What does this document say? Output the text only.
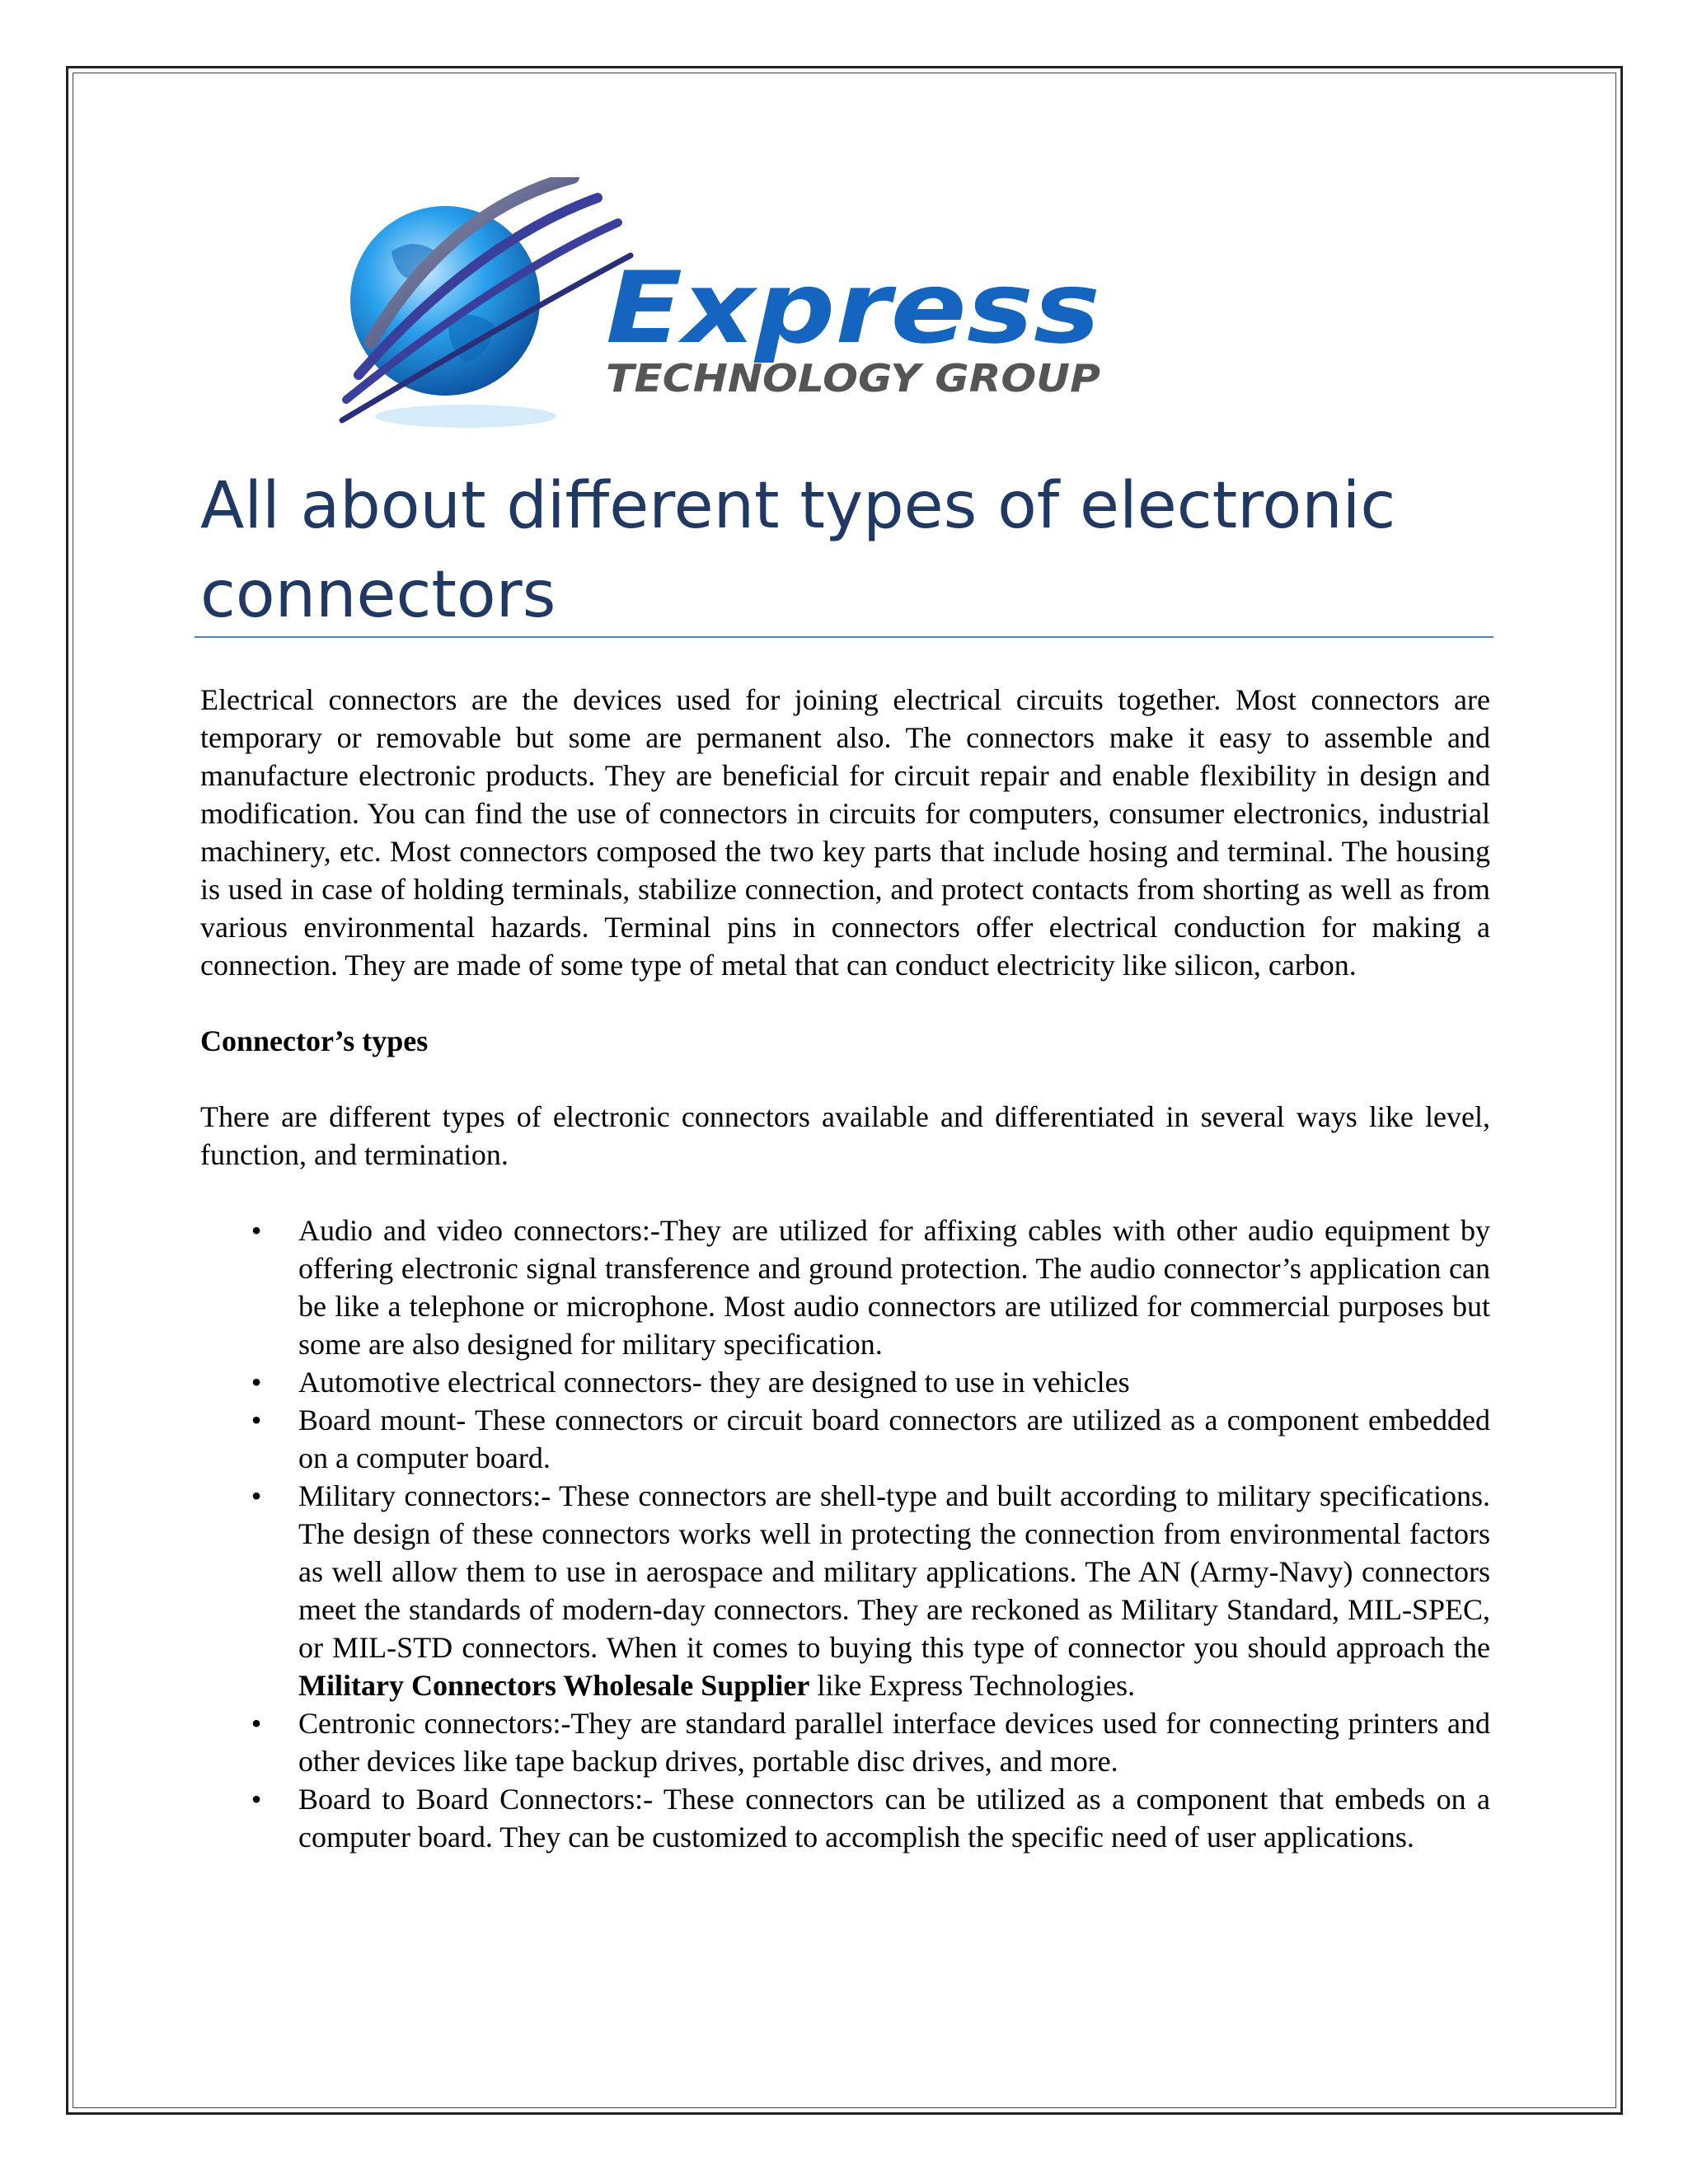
Express
TECHNOLOGY GROUP
All about different types of electronic connectors

Electrical connectors are the devices used for joining electrical circuits together. Most connectors are temporary or removable but some are permanent also. The connectors make it easy to assemble and manufacture electronic products. They are beneficial for circuit repair and enable flexibility in design and modification. You can find the use of connectors in circuits for computers, consumer electronics, industrial machinery, etc. Most connectors composed the two key parts that include hosing and terminal. The housing is used in case of holding terminals, stabilize connection, and protect contacts from shorting as well as from various environmental hazards. Terminal pins in connectors offer electrical conduction for making a connection. They are made of some type of metal that can conduct electricity like silicon, carbon.

Connector’s types

There are different types of electronic connectors available and differentiated in several ways like level, function, and termination.

• Audio and video connectors:-They are utilized for affixing cables with other audio equipment by offering electronic signal transference and ground protection. The audio connector’s application can be like a telephone or microphone. Most audio connectors are utilized for commercial purposes but some are also designed for military specification.
• Automotive electrical connectors- they are designed to use in vehicles
• Board mount- These connectors or circuit board connectors are utilized as a component embedded on a computer board.
• Military connectors:- These connectors are shell-type and built according to military specifications. The design of these connectors works well in protecting the connection from environmental factors as well allow them to use in aerospace and military applications. The AN (Army-Navy) connectors meet the standards of modern-day connectors. They are reckoned as Military Standard, MIL-SPEC, or MIL-STD connectors. When it comes to buying this type of connector you should approach the Military Connectors Wholesale Supplier like Express Technologies.
• Centronic connectors:-They are standard parallel interface devices used for connecting printers and other devices like tape backup drives, portable disc drives, and more.
• Board to Board Connectors:- These connectors can be utilized as a component that embeds on a computer board. They can be customized to accomplish the specific need of user applications.
